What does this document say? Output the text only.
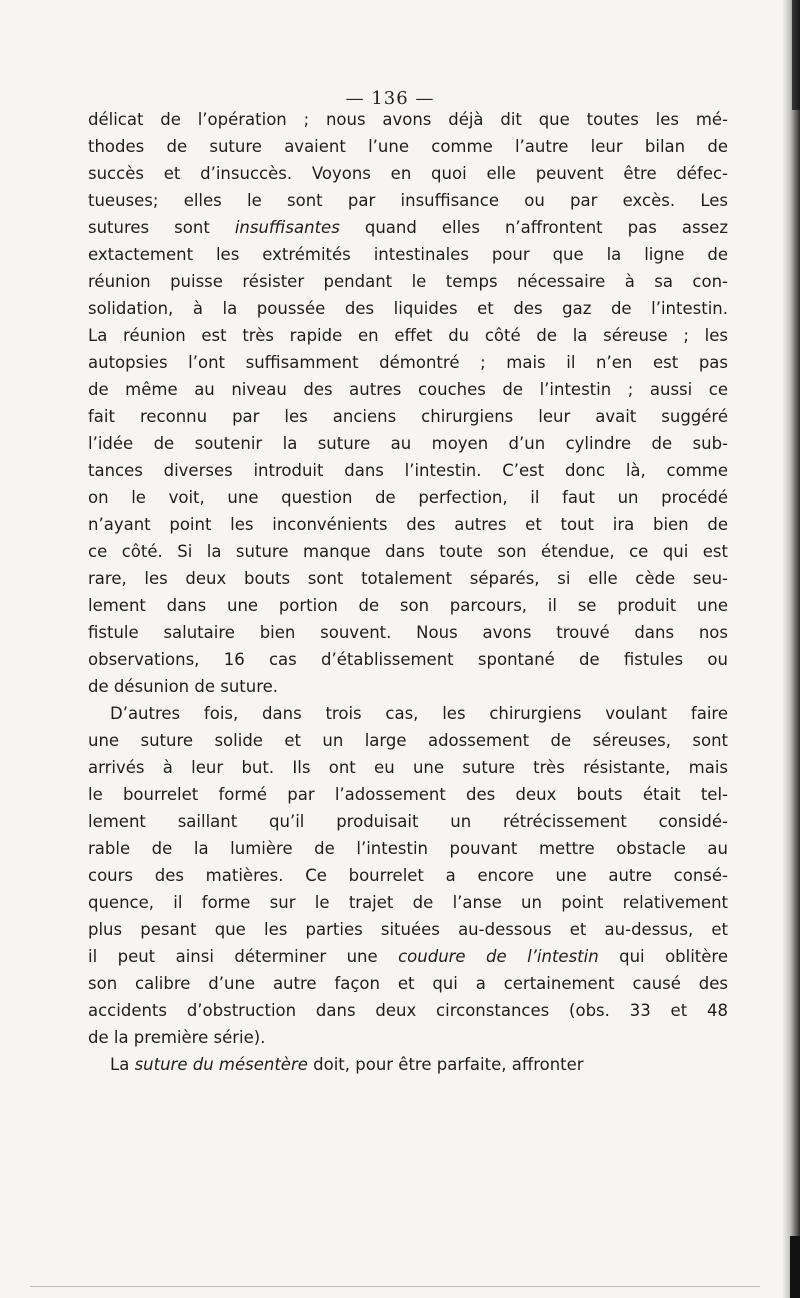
— 136 —
délicat de l’opération ; nous avons déjà dit que toutes les mé-
thodes de suture avaient l’une comme l’autre leur bilan de
succès et d’insuccès. Voyons en quoi elle peuvent être défec-
tueuses; elles le sont par insuffisance ou par excès. Les
sutures sont insuffisantes quand elles n’affrontent pas assez
extactement les extrémités intestinales pour que la ligne de
réunion puisse résister pendant le temps nécessaire à sa con-
solidation, à la poussée des liquides et des gaz de l’intestin.
La réunion est très rapide en effet du côté de la séreuse ; les
autopsies l’ont suffisamment démontré ; mais il n’en est pas
de même au niveau des autres couches de l’intestin ; aussi ce
fait reconnu par les anciens chirurgiens leur avait suggéré
l’idée de soutenir la suture au moyen d’un cylindre de sub-
tances diverses introduit dans l’intestin. C’est donc là, comme
on le voit, une question de perfection, il faut un procédé
n’ayant point les inconvénients des autres et tout ira bien de
ce côté. Si la suture manque dans toute son étendue, ce qui est
rare, les deux bouts sont totalement séparés, si elle cède seu-
lement dans une portion de son parcours, il se produit une
fistule salutaire bien souvent. Nous avons trouvé dans nos
observations, 16 cas d’établissement spontané de fistules ou
de désunion de suture.
D’autres fois, dans trois cas, les chirurgiens voulant faire
une suture solide et un large adossement de séreuses, sont
arrivés à leur but. Ils ont eu une suture très résistante, mais
le bourrelet formé par l’adossement des deux bouts était tel-
lement saillant qu’il produisait un rétrécissement considé-
rable de la lumière de l’intestin pouvant mettre obstacle au
cours des matières. Ce bourrelet a encore une autre consé-
quence, il forme sur le trajet de l’anse un point relativement
plus pesant que les parties situées au-dessous et au-dessus, et
il peut ainsi déterminer une coudure de l’intestin qui oblitère
son calibre d’une autre façon et qui a certainement causé des
accidents d’obstruction dans deux circonstances (obs. 33 et 48
de la première série).
La suture du mésentère doit, pour être parfaite, affronter
